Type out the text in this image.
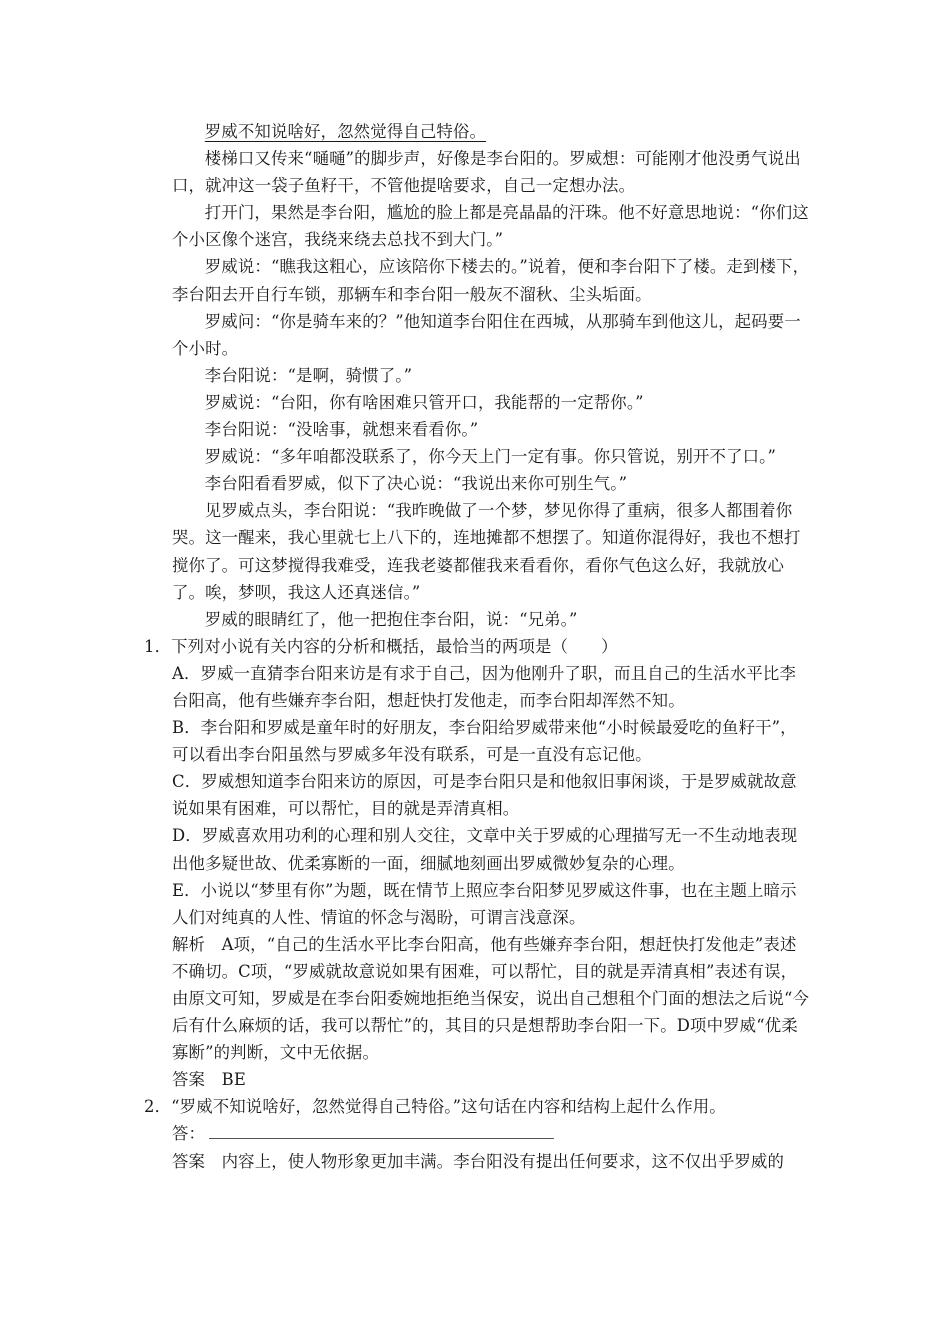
罗威不知说啥好，忽然觉得自己特俗。

楼梯口又传来“嗵嗵”的脚步声，好像是李台阳的。罗威想：可能刚才他没勇气说出口，就冲这一袋子鱼籽干，不管他提啥要求，自己一定想办法。

打开门，果然是李台阳，尴尬的脸上都是亮晶晶的汗珠。他不好意思地说：“你们这个小区像个迷宫，我绕来绕去总找不到大门。”

罗威说：“瞧我这粗心，应该陪你下楼去的。”说着，便和李台阳下了楼。走到楼下，李台阳去开自行车锁，那辆车和李台阳一般灰不溜秋、尘头垢面。

罗威问：“你是骑车来的？”他知道李台阳住在西城，从那骑车到他这儿，起码要一个小时。

李台阳说：“是啊，骑惯了。”

罗威说：“台阳，你有啥困难只管开口，我能帮的一定帮你。”

李台阳说：“没啥事，就想来看看你。”

罗威说：“多年咱都没联系了，你今天上门一定有事。你只管说，别开不了口。”

李台阳看看罗威，似下了决心说：“我说出来你可别生气。”

见罗威点头，李台阳说：“我昨晚做了一个梦，梦见你得了重病，很多人都围着你哭。这一醒来，我心里就七上八下的，连地摊都不想摆了。知道你混得好，我也不想打搅你了。可这梦搅得我难受，连我老婆都催我来看看你，看你气色这么好，我就放心了。唉，梦呗，我这人还真迷信。”

罗威的眼睛红了，他一把抱住李台阳，说：“兄弟。”

1．下列对小说有关内容的分析和概括，最恰当的两项是（　　）

A．罗威一直猜李台阳来访是有求于自己，因为他刚升了职，而且自己的生活水平比李台阳高，他有些嫌弃李台阳，想赶快打发他走，而李台阳却浑然不知。

B．李台阳和罗威是童年时的好朋友，李台阳给罗威带来他“小时候最爱吃的鱼籽干”，可以看出李台阳虽然与罗威多年没有联系，可是一直没有忘记他。

C．罗威想知道李台阳来访的原因，可是李台阳只是和他叙旧事闲谈，于是罗威就故意说如果有困难，可以帮忙，目的就是弄清真相。

D．罗威喜欢用功利的心理和别人交往，文章中关于罗威的心理描写无一不生动地表现出他多疑世故、优柔寡断的一面，细腻地刻画出罗威微妙复杂的心理。

E．小说以“梦里有你”为题，既在情节上照应李台阳梦见罗威这件事，也在主题上暗示人们对纯真的人性、情谊的怀念与渴盼，可谓言浅意深。

解析　A项，“自己的生活水平比李台阳高，他有些嫌弃李台阳，想赶快打发他走”表述不确切。C项，“罗威就故意说如果有困难，可以帮忙，目的就是弄清真相”表述有误，由原文可知，罗威是在李台阳委婉地拒绝当保安，说出自己想租个门面的想法之后说“今后有什么麻烦的话，我可以帮忙”的，其目的只是想帮助李台阳一下。D项中罗威“优柔寡断”的判断，文中无依据。

答案　BE

2．“罗威不知说啥好，忽然觉得自己特俗。”这句话在内容和结构上起什么作用。

答：

答案　内容上，使人物形象更加丰满。李台阳没有提出任何要求，这不仅出乎罗威的
